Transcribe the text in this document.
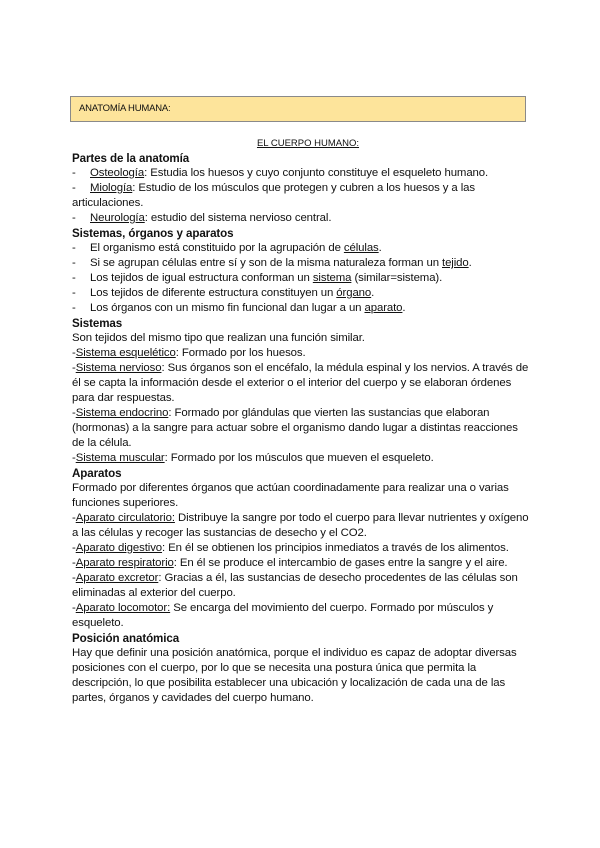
ANATOMÍA HUMANA:

EL CUERPO HUMANO:

Partes de la anatomía

- Osteología: Estudia los huesos y cuyo conjunto constituye el esqueleto humano.

- Miología: Estudio de los músculos que protegen y cubren a los huesos y a las

articulaciones.

- Neurología: estudio del sistema nervioso central.

Sistemas, órganos y aparatos

- El organismo está constituido por la agrupación de células.

- Si se agrupan células entre sí y son de la misma naturaleza forman un tejido.

- Los tejidos de igual estructura conforman un sistema (similar=sistema).

- Los tejidos de diferente estructura constituyen un órgano.

- Los órganos con un mismo fin funcional dan lugar a un aparato.

Sistemas

Son tejidos del mismo tipo que realizan una función similar.

-Sistema esquelético: Formado por los huesos.

-Sistema nervioso: Sus órganos son el encéfalo, la médula espinal y los nervios. A través de él se capta la información desde el exterior o el interior del cuerpo y se elaboran órdenes para dar respuestas.

-Sistema endocrino: Formado por glándulas que vierten las sustancias que elaboran (hormonas) a la sangre para actuar sobre el organismo dando lugar a distintas reacciones de la célula.

-Sistema muscular: Formado por los músculos que mueven el esqueleto.

Aparatos

Formado por diferentes órganos que actúan coordinadamente para realizar una o varias funciones superiores.

-Aparato circulatorio: Distribuye la sangre por todo el cuerpo para llevar nutrientes y oxígeno a las células y recoger las sustancias de desecho y el CO2.

-Aparato digestivo: En él se obtienen los principios inmediatos a través de los alimentos.

-Aparato respiratorio: En él se produce el intercambio de gases entre la sangre y el aire.

-Aparato excretor: Gracias a él, las sustancias de desecho procedentes de las células son eliminadas al exterior del cuerpo.

-Aparato locomotor: Se encarga del movimiento del cuerpo. Formado por músculos y esqueleto.

Posición anatómica

Hay que definir una posición anatómica, porque el individuo es capaz de adoptar diversas posiciones con el cuerpo, por lo que se necesita una postura única que permita la descripción, lo que posibilita establecer una ubicación y localización de cada una de las partes, órganos y cavidades del cuerpo humano.
